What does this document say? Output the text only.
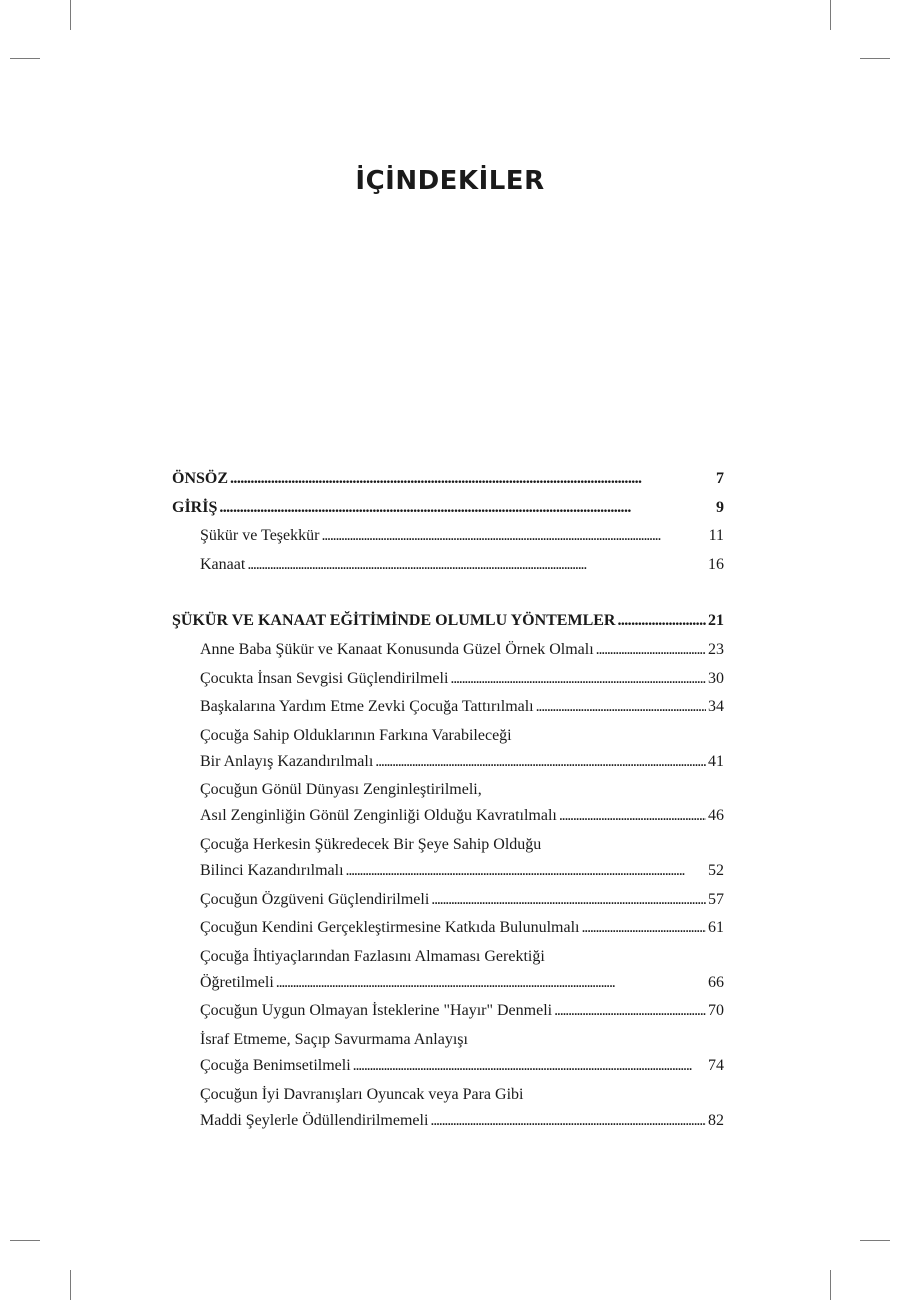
İÇİNDEKİLER
ÖNSÖZ . . .	7
GİRİŞ . . .	9
Şükür ve Teşekkür . . .	11
Kanaat . . .	16
ŞÜKÜR VE KANAAT EĞİTİMİNDE OLUMLU YÖNTEMLER . . .	21
Anne Baba Şükür ve Kanaat Konusunda Güzel Örnek Olmalı . . .	23
Çocukta İnsan Sevgisi Güçlendirilmeli . . .	30
Başkalarına Yardım Etme Zevki Çocuğa Tattırılmalı . . .	34
Çocuğa Sahip Olduklarının Farkına Varabileceği
Bir Anlayış Kazandırılmalı . . .	41
Çocuğun Gönül Dünyası Zenginleştirilmeli,
Asıl Zenginliğin Gönül Zenginliği Olduğu Kavratılmalı . . .	46
Çocuğa Herkesin Şükredecek Bir Şeye Sahip Olduğu
Bilinci Kazandırılmalı . . .	52
Çocuğun Özgüveni Güçlendirilmeli . . .	57
Çocuğun Kendini Gerçekleştirmesine Katkıda Bulunulmalı . . .	61
Çocuğa İhtiyaçlarından Fazlasını Almaması Gerektiği
Öğretilmeli . . .	66
Çocuğun Uygun Olmayan İsteklerine "Hayır" Denmeli . . .	70
İsraf Etmeme, Saçıp Savurmama Anlayışı
Çocuğa Benimsetilmeli . . .	74
Çocuğun İyi Davranışları Oyuncak veya Para Gibi
Maddi Şeylerle Ödüllendirilmemeli . . .	82
